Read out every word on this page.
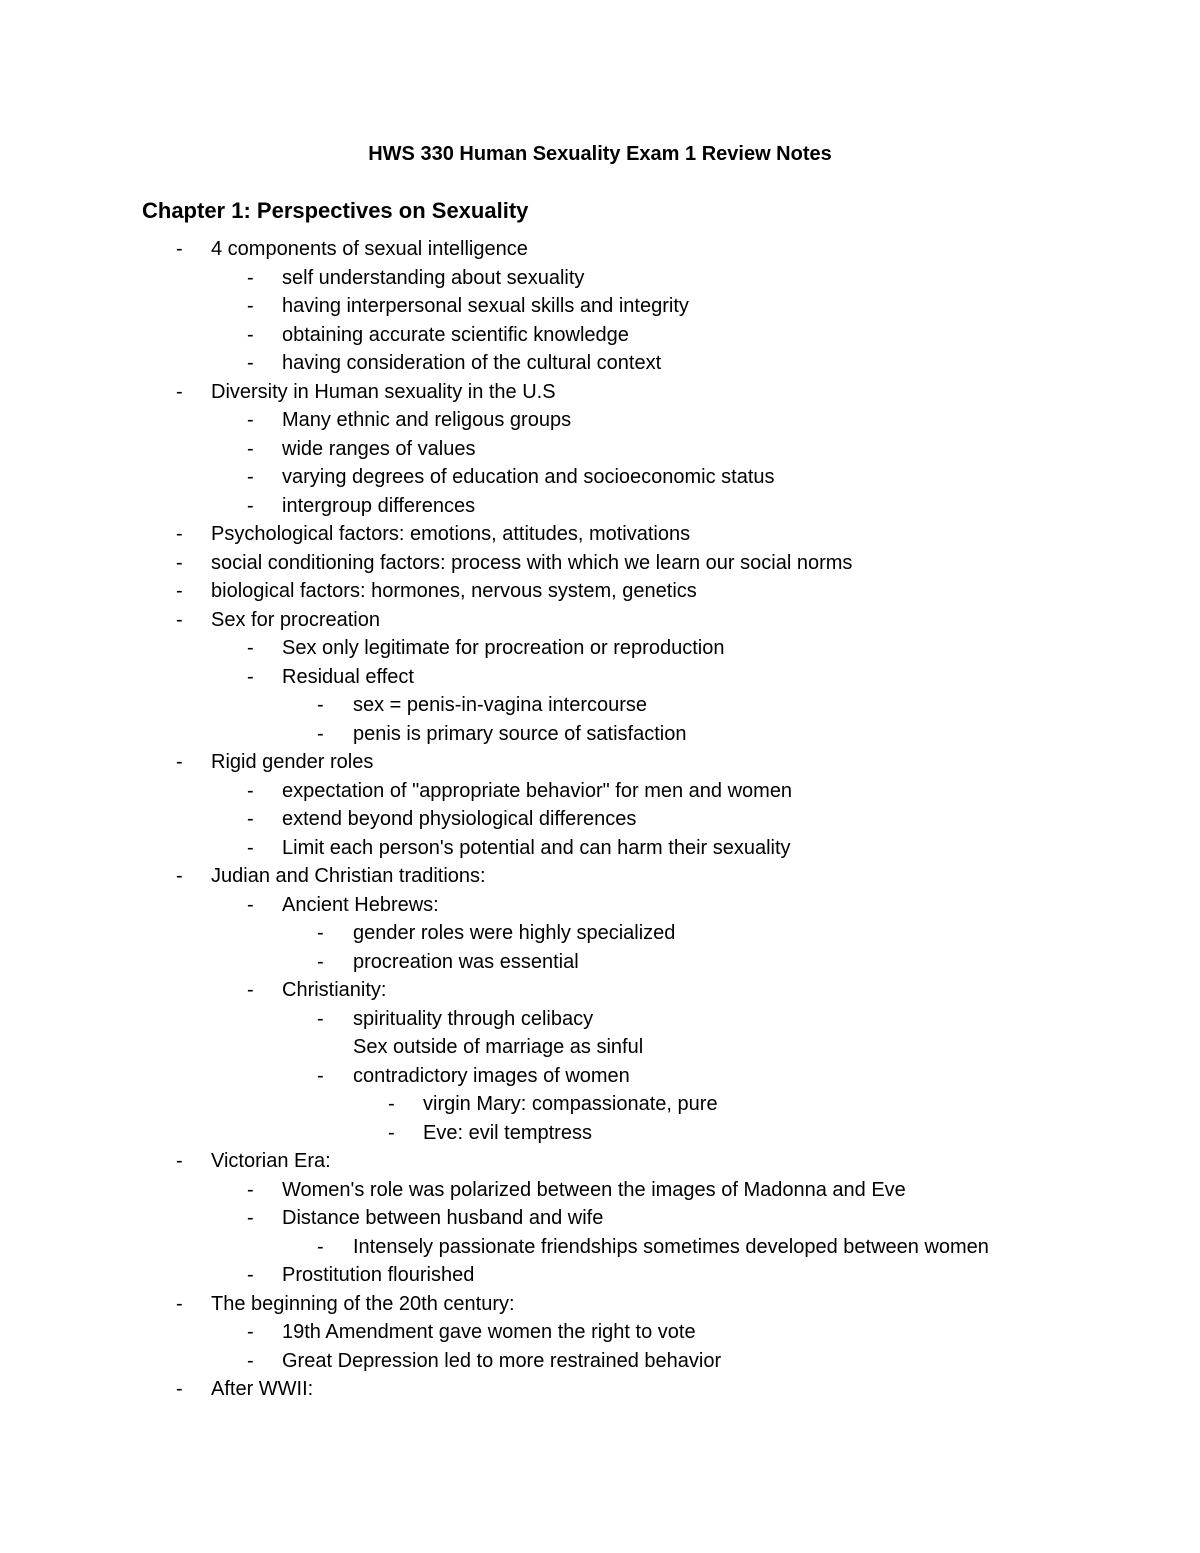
HWS 330 Human Sexuality Exam 1 Review Notes
Chapter 1: Perspectives on Sexuality
- 4 components of sexual intelligence
- self understanding about sexuality
- having interpersonal sexual skills and integrity
- obtaining accurate scientific knowledge
- having consideration of the cultural context
- Diversity in Human sexuality in the U.S
- Many ethnic and religous groups
- wide ranges of values
- varying degrees of education and socioeconomic status
- intergroup differences
- Psychological factors: emotions, attitudes, motivations
- social conditioning factors: process with which we learn our social norms
- biological factors: hormones, nervous system, genetics
- Sex for procreation
- Sex only legitimate for procreation or reproduction
- Residual effect
- sex = penis-in-vagina intercourse
- penis is primary source of satisfaction
- Rigid gender roles
- expectation of "appropriate behavior" for men and women
- extend beyond physiological differences
- Limit each person's potential and can harm their sexuality
- Judian and Christian traditions:
- Ancient Hebrews:
- gender roles were highly specialized
- procreation was essential
- Christianity:
- spirituality through celibacy
Sex outside of marriage as sinful
- contradictory images of women
- virgin Mary: compassionate, pure
- Eve: evil temptress
- Victorian Era:
- Women's role was polarized between the images of Madonna and Eve
- Distance between husband and wife
- Intensely passionate friendships sometimes developed between women
- Prostitution flourished
- The beginning of the 20th century:
- 19th Amendment gave women the right to vote
- Great Depression led to more restrained behavior
- After WWII:
